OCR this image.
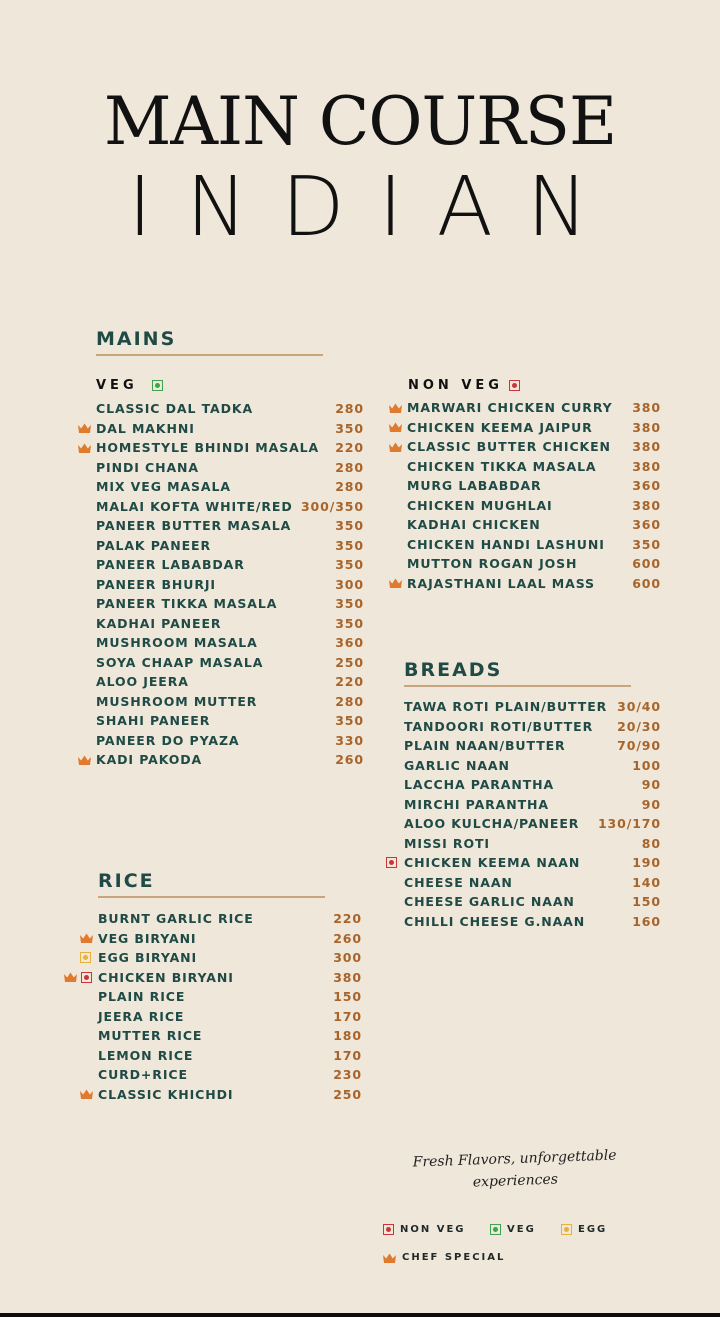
MAIN COURSE
INDIAN
MAINS
VEG	NON VEG
CLASSIC DAL TADKA	280
DAL MAKHNI	350
HOMESTYLE BHINDI MASALA 220
PINDI CHANA	280
MIX VEG MASALA	280
MALAI KOFTA WHITE/RED 300/350
PANEER BUTTER MASALA	350
PALAK PANEER	350
PANEER LABABDAR	350
PANEER BHURJI	300
PANEER TIKKA MASALA	350
KADHAI PANEER	350
MUSHROOM MASALA	360
SOYA CHAAP MASALA	250
ALOO JEERA	220
MUSHROOM MUTTER	280
SHAHI PANEER	350
PANEER DO PYAZA	330
KADI PAKODA	260
MARWARI CHICKEN CURRY 380
CHICKEN KEEMA JAIPUR	380
CLASSIC BUTTER CHICKEN 380
CHICKEN TIKKA MASALA	380
MURG LABABDAR	360
CHICKEN MUGHLAI	380
KADHAI CHICKEN	360
CHICKEN HANDI LASHUNI 350
MUTTON ROGAN JOSH	600
RAJASTHANI LAAL MASS	600
BREADS
TAWA ROTI PLAIN/BUTTER 30/40
TANDOORI ROTI/BUTTER 20/30
PLAIN NAAN/BUTTER	70/90
GARLIC NAAN	100
LACCHA PARANTHA	90
MIRCHI PARANTHA	90
ALOO KULCHA/PANEER 130/170
MISSI ROTI	80
CHICKEN KEEMA NAAN	190
CHEESE NAAN	140
CHEESE GARLIC NAAN	150
CHILLI CHEESE G.NAAN	160
RICE
BURNT GARLIC RICE	220
VEG BIRYANI	260
EGG BIRYANI	300
CHICKEN BIRYANI	380
PLAIN RICE	150
JEERA RICE	170
MUTTER RICE	180
LEMON RICE	170
CURD+RICE	230
CLASSIC KHICHDI	250
Fresh Flavors, unforgettable
experiences
NON VEG	VEG	EGG
CHEF SPECIAL
